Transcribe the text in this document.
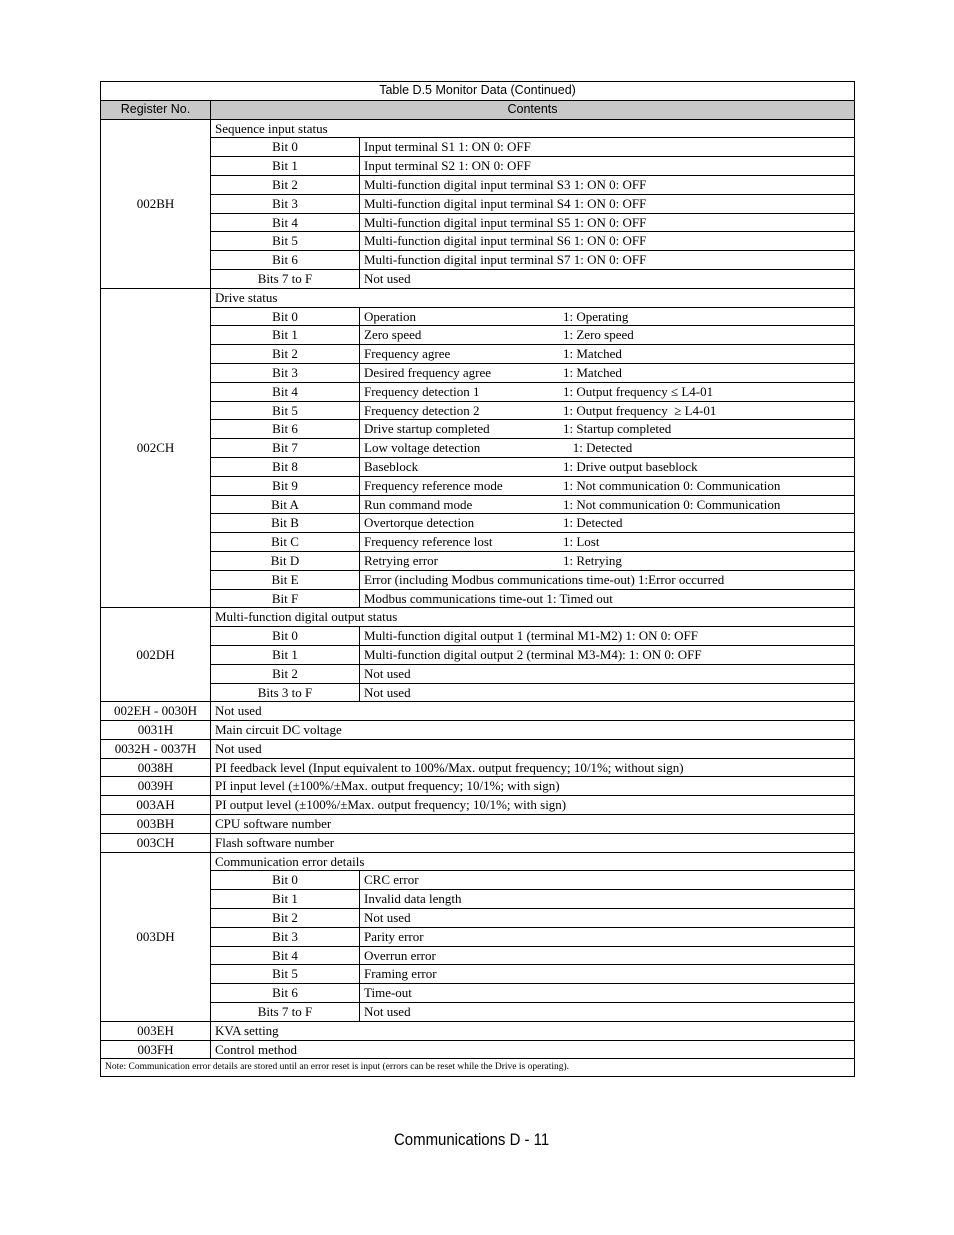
Table D.5 Monitor Data (Continued)		
Register No.	Contents	
002BH	Sequence input status	
	Bit 0	Input terminal S1 1: ON 0: OFF
	Bit 1	Input terminal S2 1: ON 0: OFF
	Bit 2	Multi-function digital input terminal S3 1: ON 0: OFF
	Bit 3	Multi-function digital input terminal S4 1: ON 0: OFF
	Bit 4	Multi-function digital input terminal S5 1: ON 0: OFF
	Bit 5	Multi-function digital input terminal S6 1: ON 0: OFF
	Bit 6	Multi-function digital input terminal S7 1: ON 0: OFF
	Bits 7 to F	Not used
002CH	Drive status	
	Bit 0	Operation 1: Operating
	Bit 1	Zero speed 1: Zero speed
	Bit 2	Frequency agree 1: Matched
	Bit 3	Desired frequency agree 1: Matched
	Bit 4	Frequency detection 1 1: Output frequency ≤ L4-01
	Bit 5	Frequency detection 2 1: Output frequency  ≥ L4-01
	Bit 6	Drive startup completed 1: Startup completed
	Bit 7	Low voltage detection 1: Detected
	Bit 8	Baseblock 1: Drive output baseblock
	Bit 9	Frequency reference mode 1: Not communication 0: Communication
	Bit A	Run command mode 1: Not communication 0: Communication
	Bit B	Overtorque detection 1: Detected
	Bit C	Frequency reference lost 1: Lost
	Bit D	Retrying error 1: Retrying
	Bit E	Error (including Modbus communications time-out) 1:Error occurred
	Bit F	Modbus communications time-out 1: Timed out
002DH	Multi-function digital output status	
	Bit 0	Multi-function digital output 1 (terminal M1-M2) 1: ON 0: OFF
	Bit 1	Multi-function digital output 2 (terminal M3-M4): 1: ON 0: OFF
	Bit 2	Not used
	Bits 3 to F	Not used
002EH - 0030H	Not used	
0031H	Main circuit DC voltage	
0032H - 0037H	Not used	
0038H	PI feedback level (Input equivalent to 100%/Max. output frequency; 10/1%; without sign)	
0039H	PI input level (±100%/±Max. output frequency; 10/1%; with sign)	
003AH	PI output level (±100%/±Max. output frequency; 10/1%; with sign)	
003BH	CPU software number	
003CH	Flash software number	
003DH	Communication error details	
	Bit 0	CRC error
	Bit 1	Invalid data length
	Bit 2	Not used
	Bit 3	Parity error
	Bit 4	Overrun error
	Bit 5	Framing error
	Bit 6	Time-out
	Bits 7 to F	Not used
003EH	KVA setting	
003FH	Control method	
Note: Communication error details are stored until an error reset is input (errors can be reset while the Drive is operating).		
Communications D - 11
